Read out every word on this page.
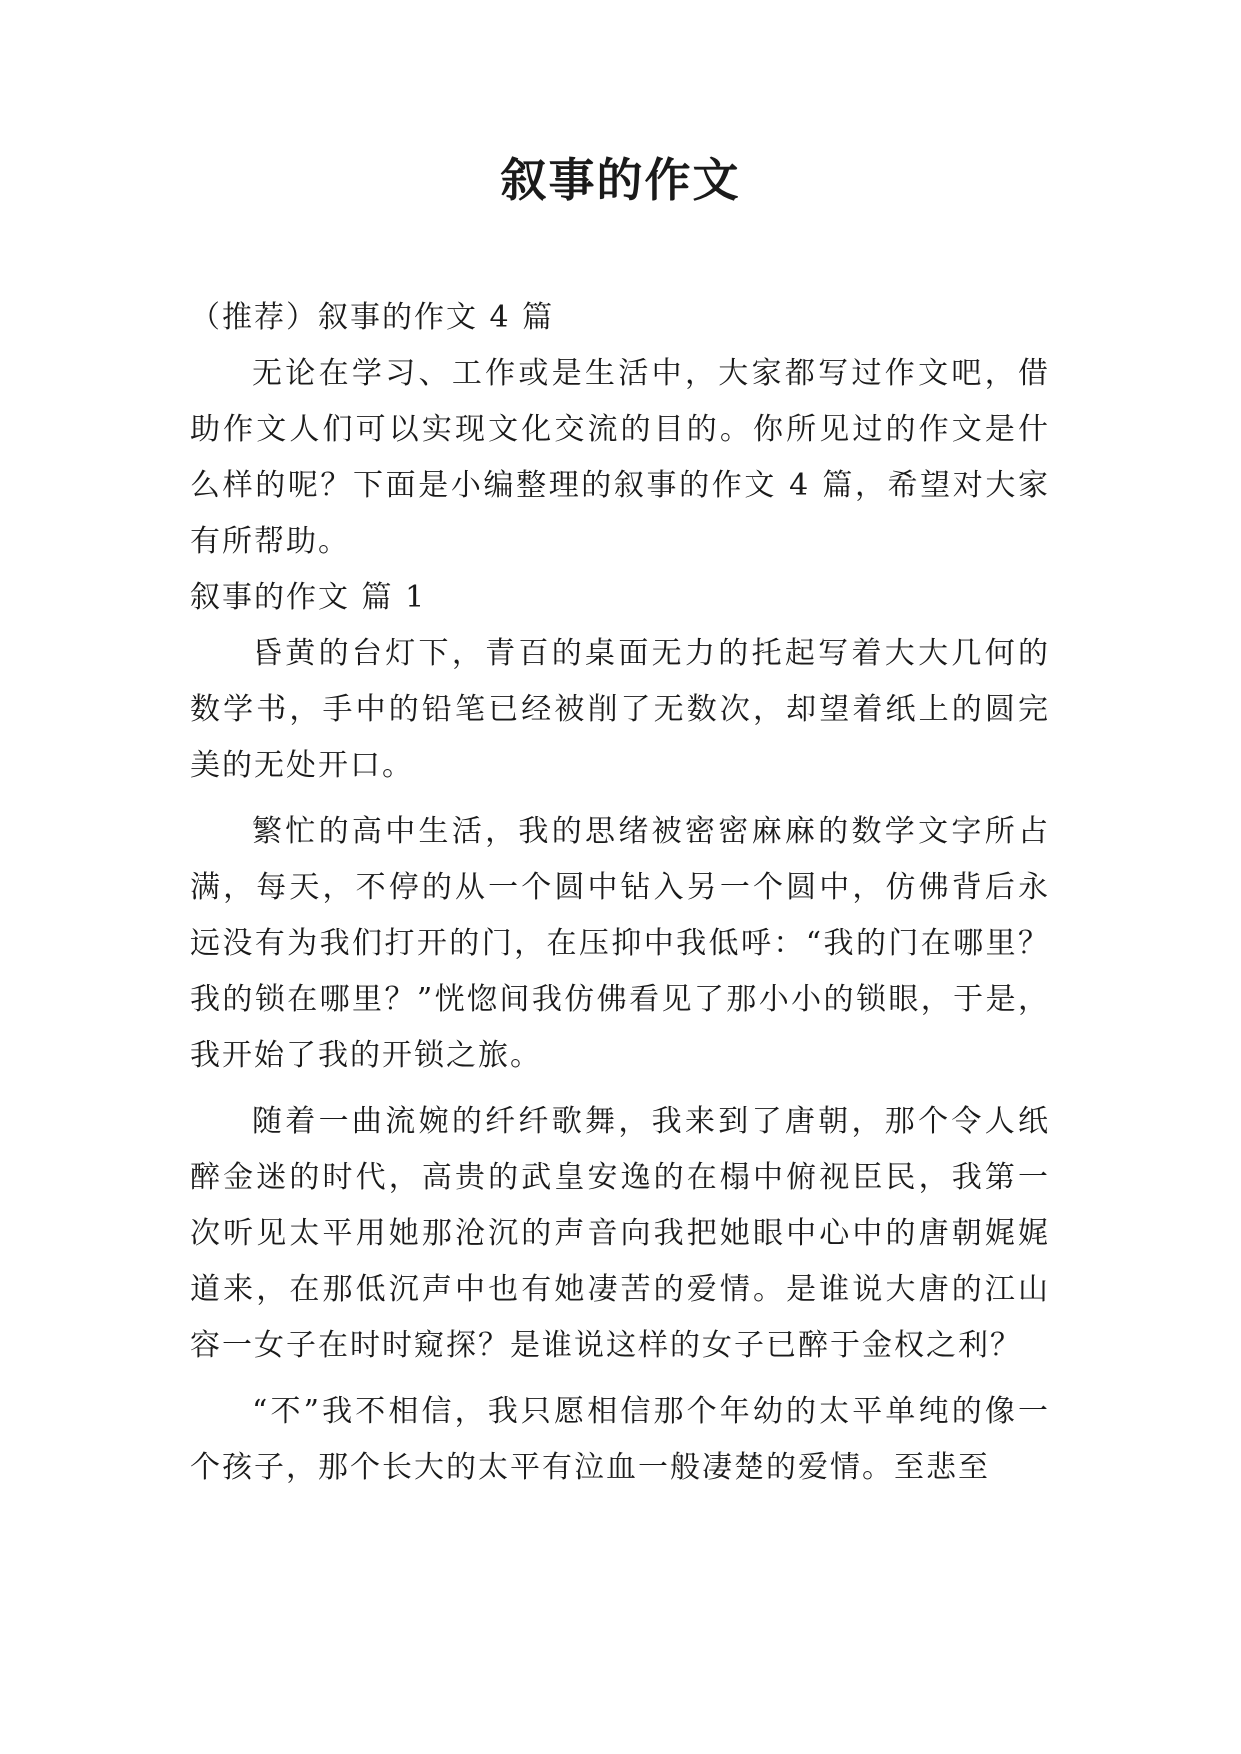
叙事的作文

（推荐）叙事的作文 4 篇

无论在学习、工作或是生活中，大家都写过作文吧，借助作文人们可以实现文化交流的目的。你所见过的作文是什么样的呢？下面是小编整理的叙事的作文 4 篇，希望对大家有所帮助。

叙事的作文 篇 1

昏黄的台灯下，青百的桌面无力的托起写着大大几何的数学书，手中的铅笔已经被削了无数次，却望着纸上的圆完美的无处开口。

繁忙的高中生活，我的思绪被密密麻麻的数学文字所占满，每天，不停的从一个圆中钻入另一个圆中，仿佛背后永远没有为我们打开的门，在压抑中我低呼：“我的门在哪里？我的锁在哪里？”恍惚间我仿佛看见了那小小的锁眼，于是，我开始了我的开锁之旅。

随着一曲流婉的纤纤歌舞，我来到了唐朝，那个令人纸醉金迷的时代，高贵的武皇安逸的在榻中俯视臣民，我第一次听见太平用她那沧沉的声音向我把她眼中心中的唐朝娓娓道来，在那低沉声中也有她凄苦的爱情。是谁说大唐的江山容一女子在时时窥探？是谁说这样的女子已醉于金权之利？

“不”我不相信，我只愿相信那个年幼的太平单纯的像一个孩子，那个长大的太平有泣血一般凄楚的爱情。至悲至
